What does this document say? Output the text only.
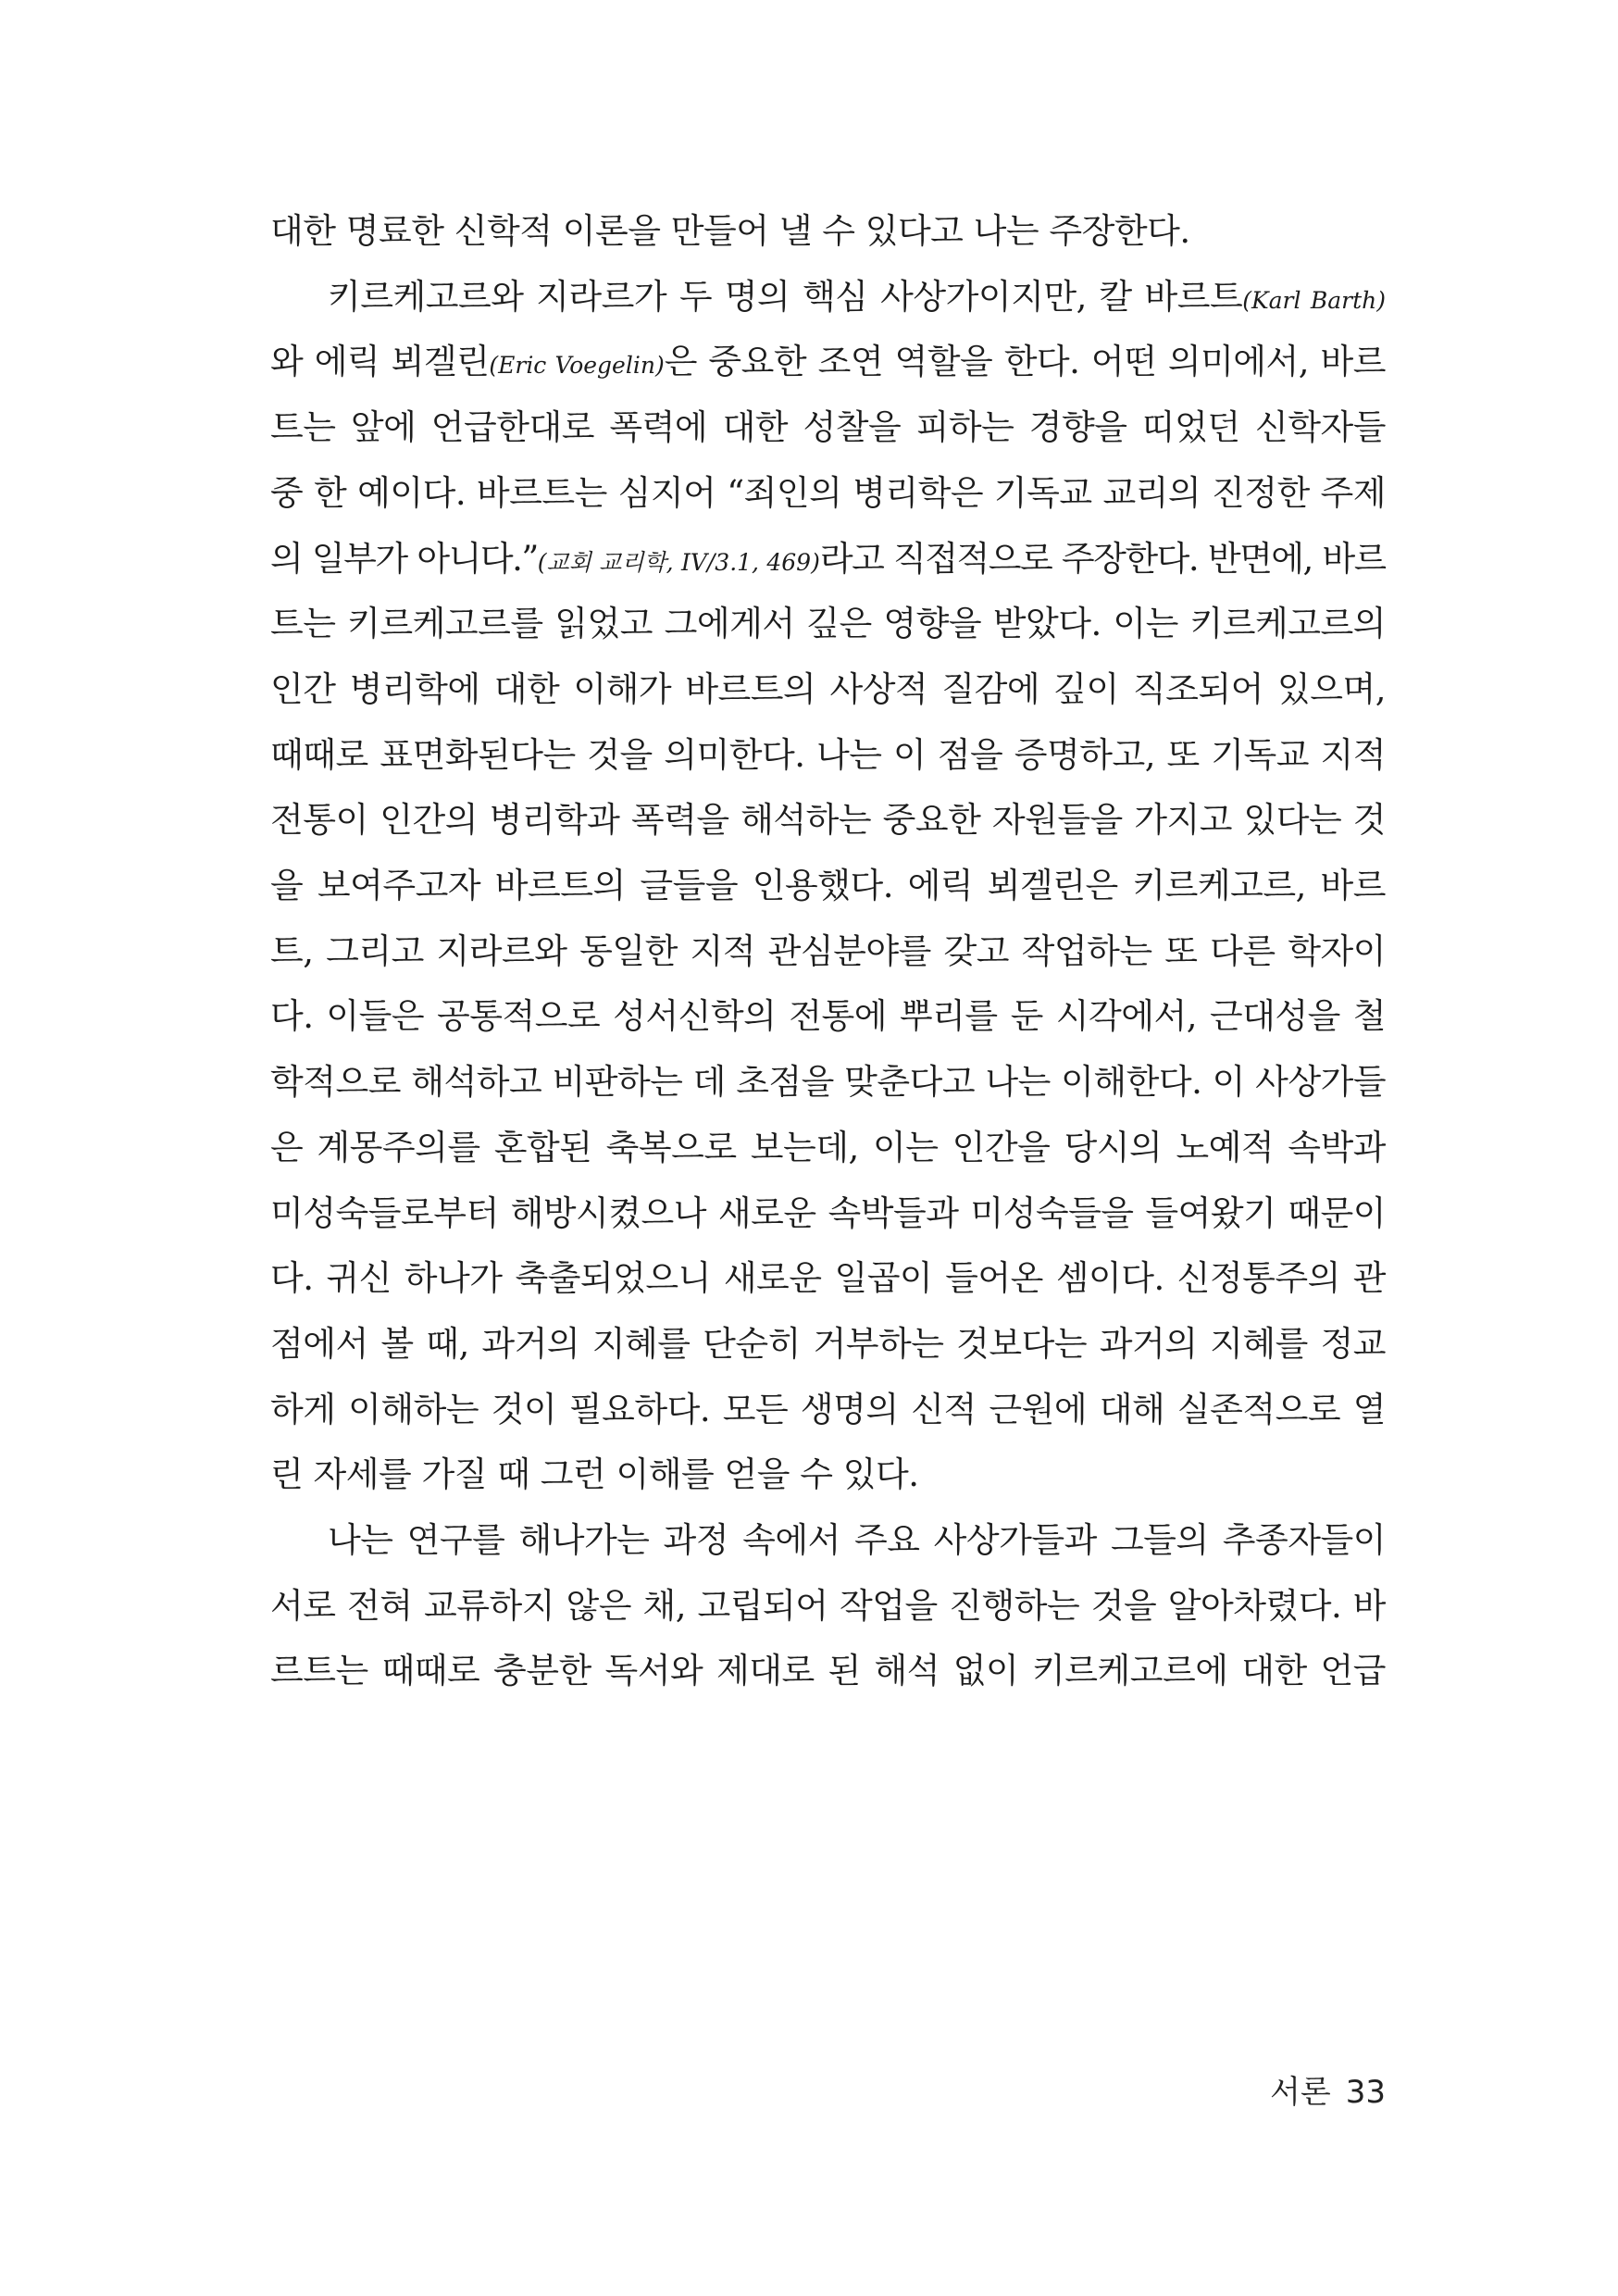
대한 명료한 신학적 이론을 만들어 낼 수 있다고 나는 주장한다.
키르케고르와 지라르가 두 명의 핵심 사상가이지만, 칼 바르트(Karl Barth)
와 에릭 뵈겔린(Eric Voegelin)은 중요한 조연 역할을 한다. 어떤 의미에서, 바르
트는 앞에 언급한대로 폭력에 대한 성찰을 피하는 경향을 띠었던 신학자들
중 한 예이다. 바르트는 심지어 “죄인의 병리학은 기독교 교리의 진정한 주제
의 일부가 아니다.”(교회 교리학, IV/3.1, 469)라고 직접적으로 주장한다. 반면에, 바르
트는 키르케고르를 읽었고 그에게서 깊은 영향을 받았다. 이는 키르케고르의
인간 병리학에 대한 이해가 바르트의 사상적 질감에 깊이 직조되어 있으며,
때때로 표면화된다는 것을 의미한다. 나는 이 점을 증명하고, 또 기독교 지적
전통이 인간의 병리학과 폭력을 해석하는 중요한 자원들을 가지고 있다는 것
을 보여주고자 바르트의 글들을 인용했다. 에릭 뵈겔린은 키르케고르, 바르
트, 그리고 지라르와 동일한 지적 관심분야를 갖고 작업하는 또 다른 학자이
다. 이들은 공통적으로 성서신학의 전통에 뿌리를 둔 시각에서, 근대성을 철
학적으로 해석하고 비판하는 데 초점을 맞춘다고 나는 이해한다. 이 사상가들
은 계몽주의를 혼합된 축복으로 보는데, 이는 인간을 당시의 노예적 속박과
미성숙들로부터 해방시켰으나 새로운 속박들과 미성숙들을 들여왔기 때문이
다. 귀신 하나가 축출되었으니 새로운 일곱이 들어온 셈이다. 신정통주의 관
점에서 볼 때, 과거의 지혜를 단순히 거부하는 것보다는 과거의 지혜를 정교
하게 이해하는 것이 필요하다. 모든 생명의 신적 근원에 대해 실존적으로 열
린 자세를 가질 때 그런 이해를 얻을 수 있다.
나는 연구를 해나가는 과정 속에서 주요 사상가들과 그들의 추종자들이
서로 전혀 교류하지 않은 채, 고립되어 작업을 진행하는 것을 알아차렸다. 바
르트는 때때로 충분한 독서와 제대로 된 해석 없이 키르케고르에 대한 언급
서론 33
